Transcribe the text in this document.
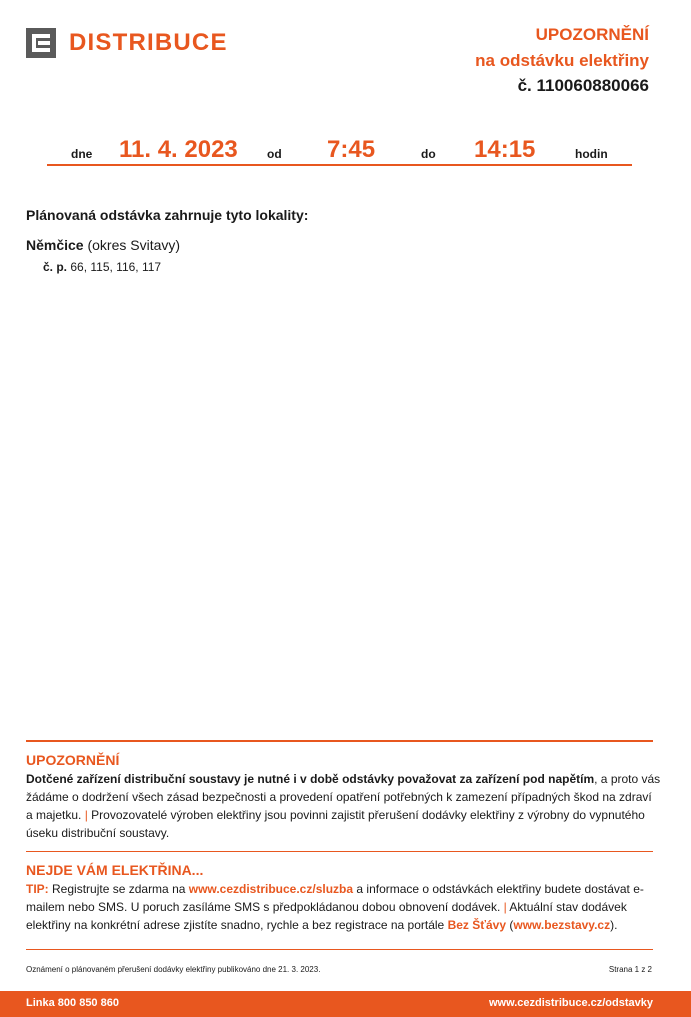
DISTRIBUCE	UPOZORNĚNÍ
na odstávku elektřiny
č. 110060880066
dne 11. 4. 2023 od 7:45	do 14:15	hodin
Plánovaná odstávka zahrnuje tyto lokality:
Němčice (okres Svitavy)
č. p. 66, 115, 116, 117
UPOZORNĚNÍ
Dotčené zařízení distribuční soustavy je nutné i v době odstávky považovat za zařízení pod napětím, a proto vás žádáme o dodržení všech zásad bezpečnosti a provedení opatření potřebných k zamezení případných škod na zdraví a majetku. | Provozovatelé výroben elektřiny jsou povinni zajistit přerušení dodávky elektřiny z výrobny do vypnutého úseku distribuční soustavy.
NEJDE VÁM ELEKTŘINA...
TIP: Registrujte se zdarma na www.cezdistribuce.cz/sluzba a informace o odstávkách elektřiny budete dostávat e-mailem nebo SMS. U poruch zasíláme SMS s předpokládanou dobou obnovení dodávek. | Aktuální stav dodávek elektřiny na konkrétní adrese zjistíte snadno, rychle a bez registrace na portále Bez Šťávy (www.bezstavy.cz).
Oznámení o plánovaném přerušení dodávky elektřiny publikováno dne 21. 3. 2023.	Strana 1 z 2
Linka 800 850 860	www.cezdistribuce.cz/odstavky
